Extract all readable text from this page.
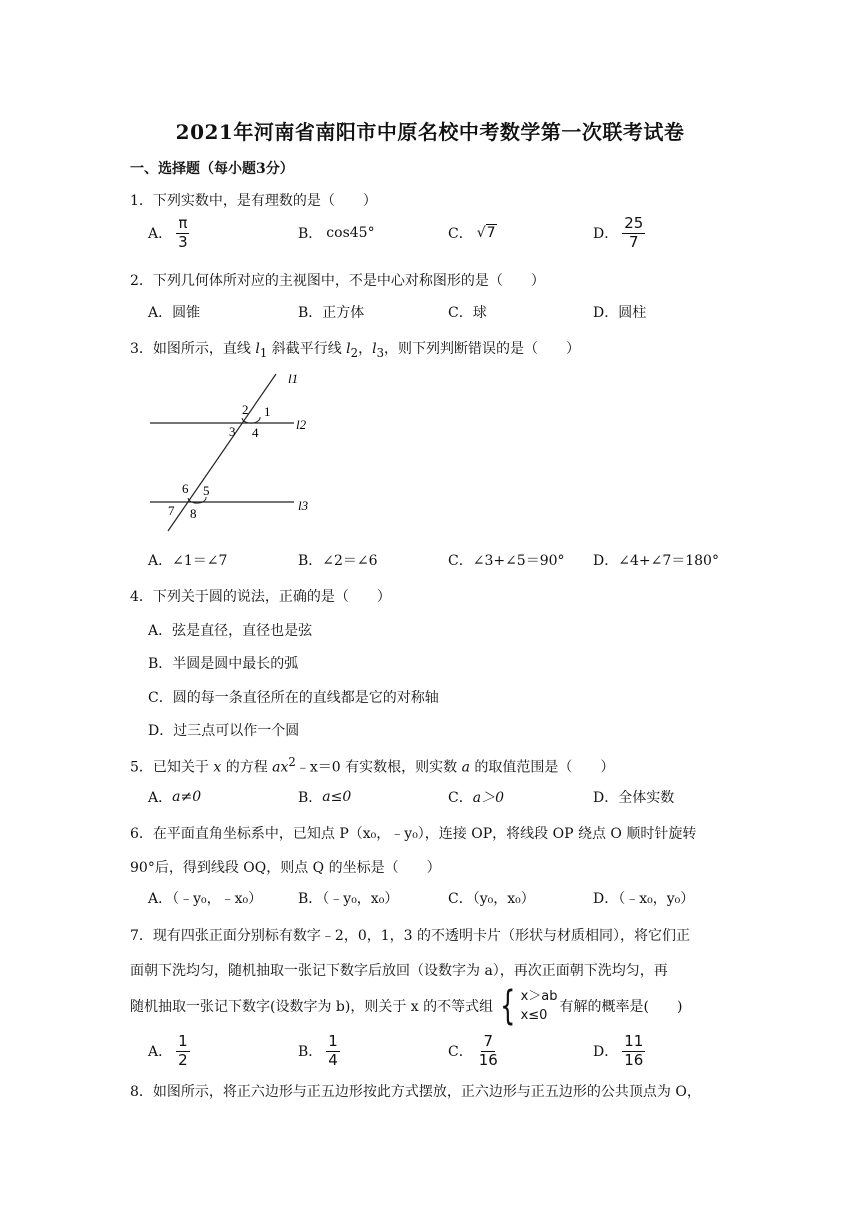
2021年河南省南阳市中原名校中考数学第一次联考试卷
一、选择题（每小题3分）
1．下列实数中，是有理数的是（　　）
A． $\frac{\pi}{3}$	B． cos45°	C． √7	D． $\frac{25}{7}$
2．下列几何体所对应的主视图中，不是中心对称图形的是（　　）
A．圆锥	B．正方体	C．球	D．圆柱
3．如图所示，直线 $l_1$ 斜截平行线 $l_2$，$l_3$，则下列判断错误的是（　　）
2 1
3 4
6 5
7 8
l1
l2
l3
A．∠1＝∠7	B．∠2＝∠6	C．∠3+∠5＝90° D．∠4+∠7＝180°
4．下列关于圆的说法，正确的是（　　）
A．弦是直径，直径也是弦
B．半圆是圆中最长的弧
C．圆的每一条直径所在的直线都是它的对称轴
D．过三点可以作一个圆
5．已知关于 x 的方程 $ax^2﹣x=0$ 有实数根，则实数 a 的取值范围是（　　）
A． a≠0	B． a≤0	C． a＞0	D．全体实数
6．在平面直角坐标系中，已知点 P（x₀，﹣y₀），连接 OP，将线段 OP 绕点 O 顺时针旋转
90°后，得到线段 OQ，则点 Q 的坐标是（　　）
A．（﹣y₀，﹣x₀）	B．（﹣y₀，x₀）	C．（y₀，x₀）	D．（﹣x₀，y₀）
7．现有四张正面分别标有数字﹣2，0，1，3 的不透明卡片（形状与材质相同），将它们正
面朝下洗均匀，随机抽取一张记下数字后放回（设数字为 a），再次正面朝下洗均匀，再
随机抽取一张记下数字(设数字为 b)，则关于 x 的不等式组 { x＞ab
x≤0
有解的概率是(　　)
A． $\frac{1}{2}$	B． $\frac{1}{4}$	C． $\frac{7}{16}$	D． $\frac{11}{16}$
8．如图所示，将正六边形与正五边形按此方式摆放，正六边形与正五边形的公共顶点为 O，
